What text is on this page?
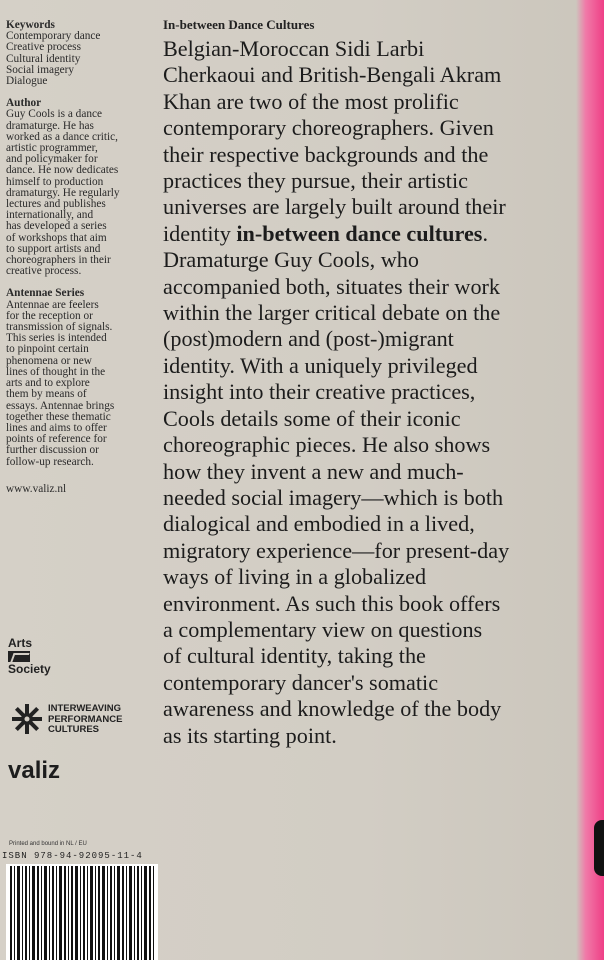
Keywords
Contemporary dance
Creative process
Cultural identity
Social imagery
Dialogue
Author
Guy Cools is a dance
dramaturge. He has
worked as a dance critic,
artistic programmer,
and policymaker for
dance. He now dedicates
himself to production
dramaturgy. He regularly
lectures and publishes
internationally, and
has developed a series
of workshops that aim
to support artists and
choreographers in their
creative process.
Antennae Series
Antennae are feelers
for the reception or
transmission of signals.
This series is intended
to pinpoint certain
phenomena or new
lines of thought in the
arts and to explore
them by means of
essays. Antennae brings
together these thematic
lines and aims to offer
points of reference for
further discussion or
follow-up research.
www.valiz.nl
Arts
Society
INTERWEAVING
PERFORMANCE
CULTURES
valiz
Printed and bound in NL / EU
ISBN 978-94-92095-11-4
In-between Dance Cultures
Belgian-Moroccan Sidi Larbi
Cherkaoui and British-Bengali Akram
Khan are two of the most prolific
contemporary choreographers. Given
their respective backgrounds and the
practices they pursue, their artistic
universes are largely built around their
identity in-between dance cultures.
Dramaturge Guy Cools, who
accompanied both, situates their work
within the larger critical debate on the
(post)modern and (post-)migrant
identity. With a uniquely privileged
insight into their creative practices,
Cools details some of their iconic
choreographic pieces. He also shows
how they invent a new and much-
needed social imagery—which is both
dialogical and embodied in a lived,
migratory experience—for present-day
ways of living in a globalized
environment. As such this book offers
a complementary view on questions
of cultural identity, taking the
contemporary dancer's somatic
awareness and knowledge of the body
as its starting point.
